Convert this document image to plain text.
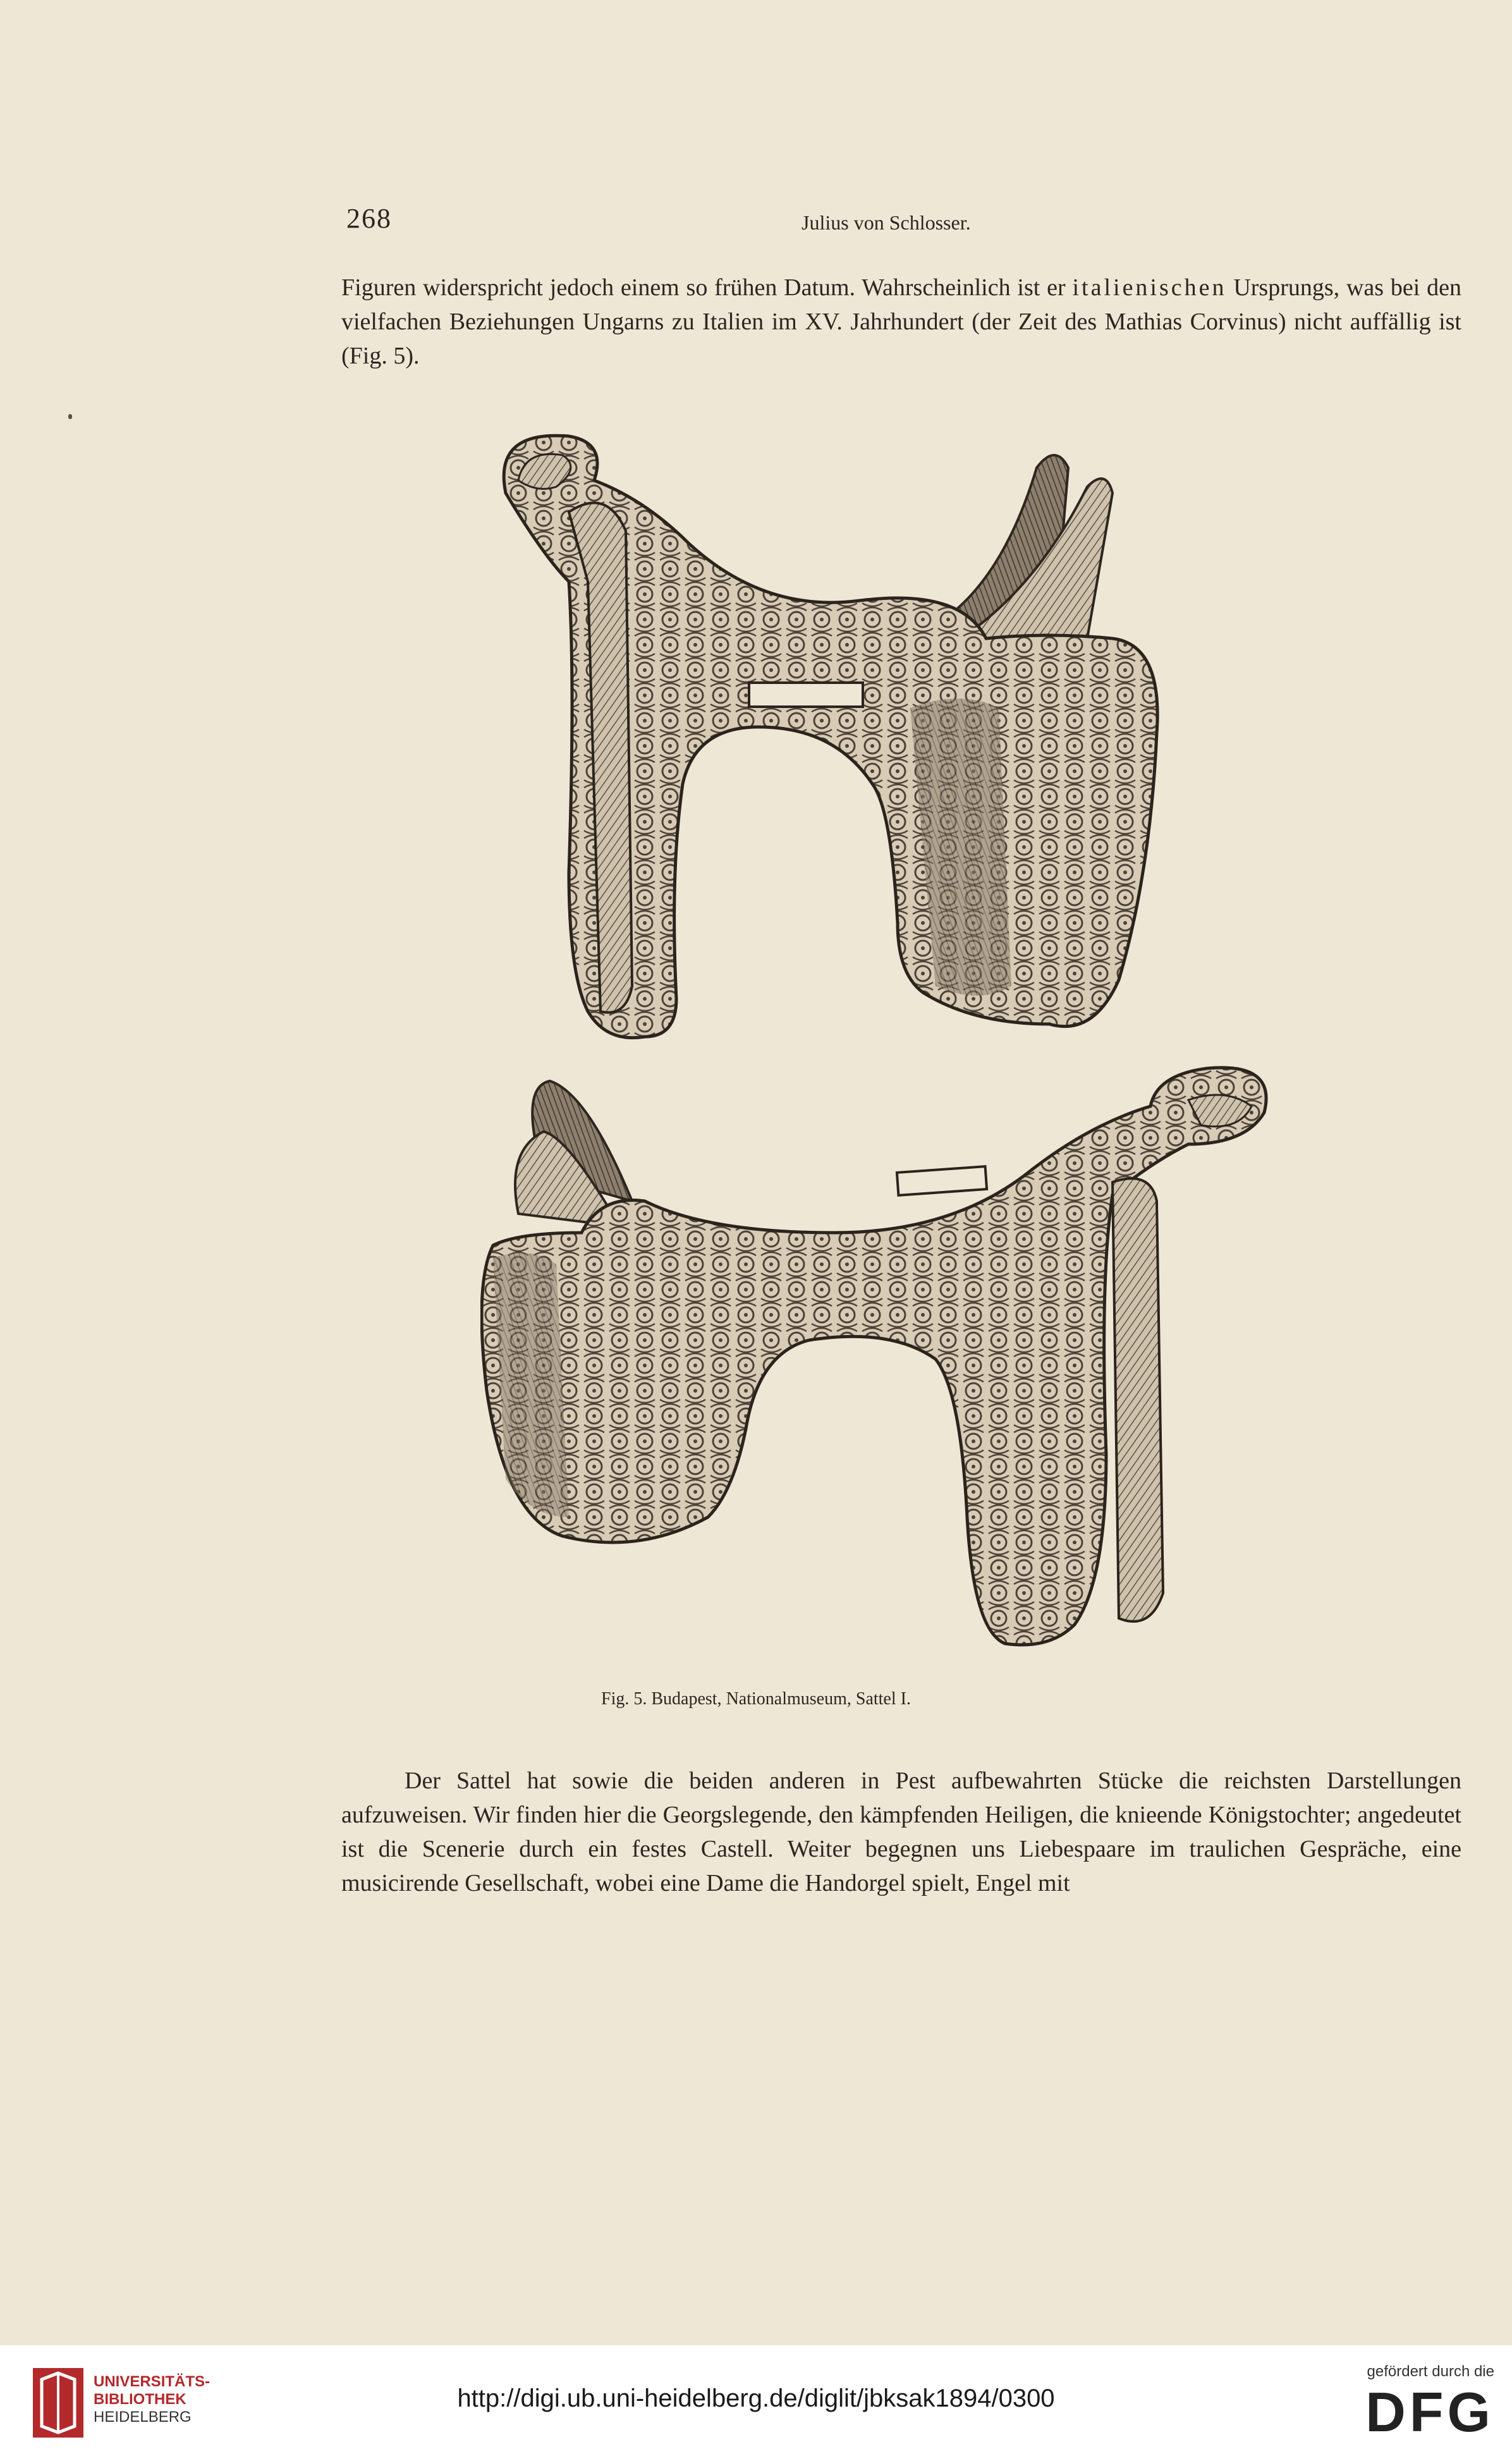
268	Julius von Schlosser.

Figuren widerspricht jedoch einem so frühen Datum. Wahrscheinlich ist er italienischen Ursprungs, was bei den vielfachen Beziehungen Ungarns zu Italien im XV. Jahrhundert (der Zeit des Mathias Corvinus) nicht auffällig ist (Fig. 5).

Fig. 5. Budapest, Nationalmuseum, Sattel I.

Der Sattel hat sowie die beiden anderen in Pest aufbewahrten Stücke die reichsten Darstellungen aufzuweisen. Wir finden hier die Georgslegende, den kämpfenden Heiligen, die knieende Königstochter; angedeutet ist die Scenerie durch ein festes Castell. Weiter begegnen uns Liebespaare im traulichen Gespräche, eine musicirende Gesellschaft, wobei eine Dame die Handorgel spielt, Engel mit

UNIVERSITÄTS-
BIBLIOTHEK
HEIDELBERG
http://digi.ub.uni-heidelberg.de/diglit/jbksak1894/0300
gefördert durch die
DFG
